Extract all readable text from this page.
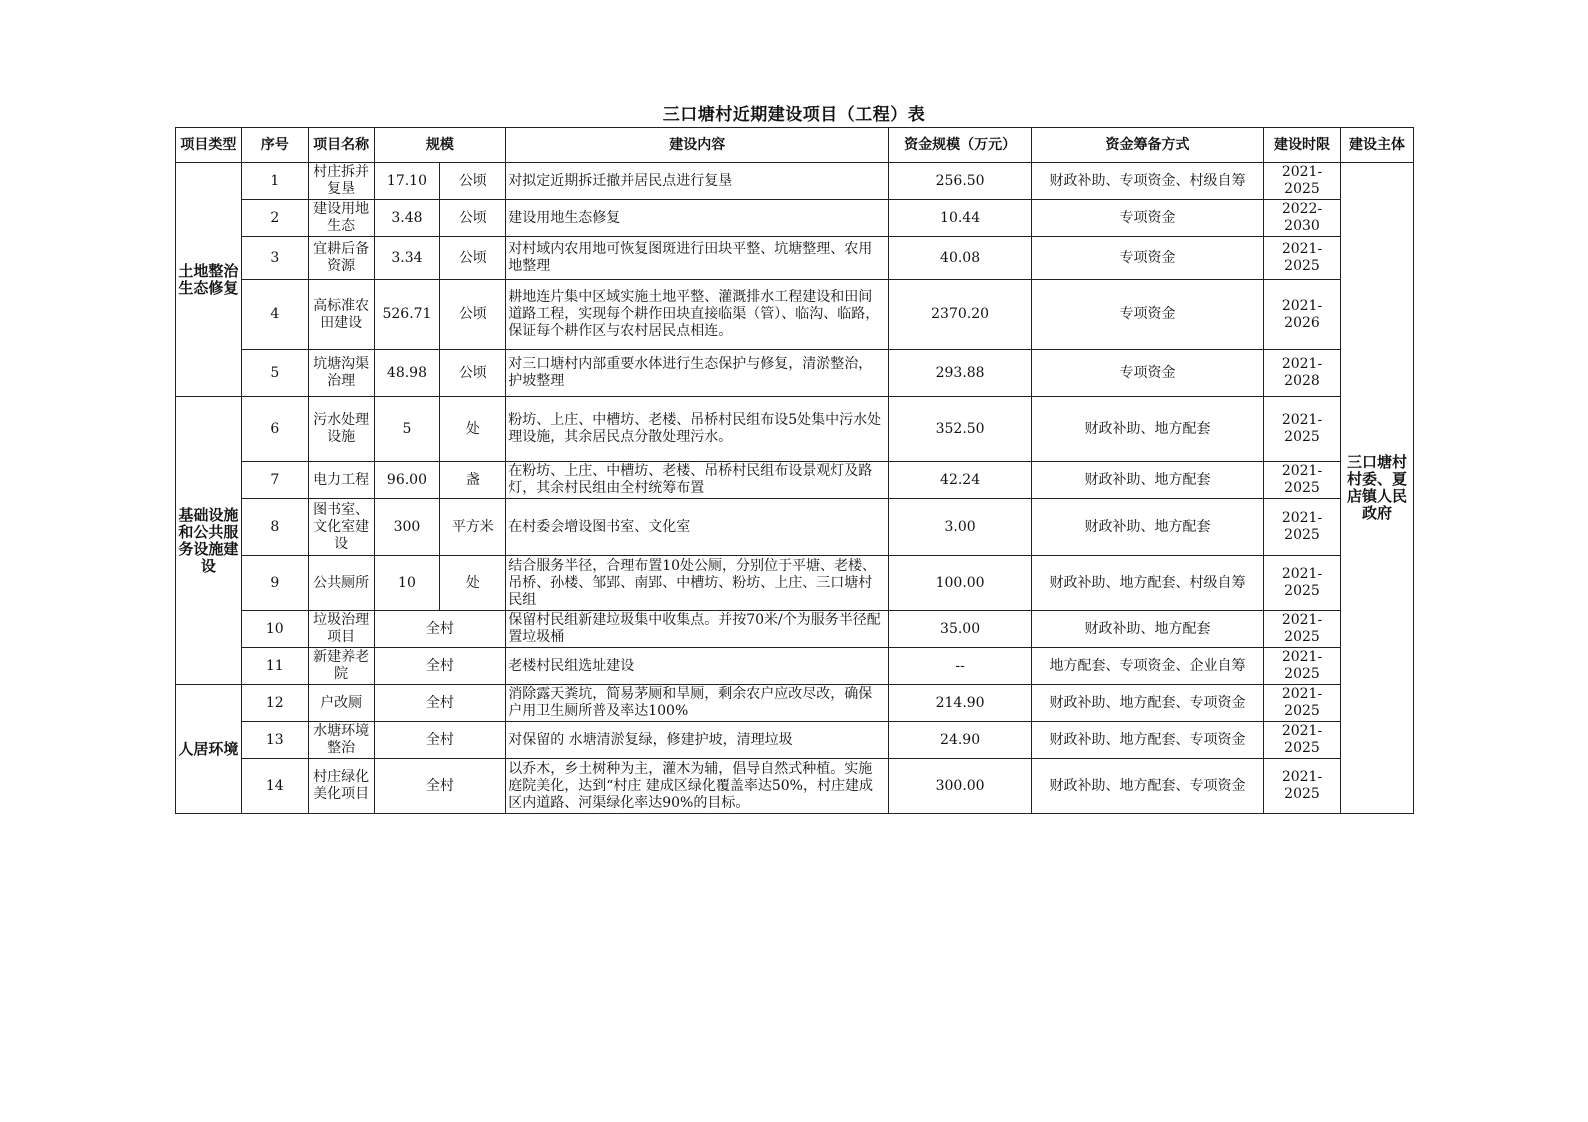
三口塘村近期建设项目（工程）表
项目类型	序号	项目名称	规模		建设内容	资金规模（万元）	资金筹备方式	建设时限	建设主体
土地整治生态修复	1	村庄拆并复垦	17.10	公顷	对拟定近期拆迁撤并居民点进行复垦	256.50	财政补助、专项资金、村级自筹	2021-2025	三口塘村村委、夏店镇人民政府
	2	建设用地生态	3.48	公顷	建设用地生态修复	10.44	专项资金	2022-2030	
	3	宜耕后备资源	3.34	公顷	对村域内农用地可恢复图斑进行田块平整、坑塘整理、农用地整理	40.08	专项资金	2021-2025	
	4	高标准农田建设	526.71	公顷	耕地连片集中区域实施土地平整、灌溉排水工程建设和田间道路工程，实现每个耕作田块直接临渠（管）、临沟、临路，保证每个耕作区与农村居民点相连。	2370.20	专项资金	2021-2026	
	5	坑塘沟渠治理	48.98	公顷	对三口塘村内部重要水体进行生态保护与修复，清淤整治，护坡整理	293.88	专项资金	2021-2028	
基础设施和公共服务设施建设	6	污水处理设施	5	处	粉坊、上庄、中槽坊、老楼、吊桥村民组布设5处集中污水处理设施，其余居民点分散处理污水。	352.50	财政补助、地方配套	2021-2025	
	7	电力工程	96.00	盏	在粉坊、上庄、中槽坊、老楼、吊桥村民组布设景观灯及路灯，其余村民组由全村统筹布置	42.24	财政补助、地方配套	2021-2025	
	8	图书室、文化室建设	300	平方米	在村委会增设图书室、文化室	3.00	财政补助、地方配套	2021-2025	
	9	公共厕所	10	处	结合服务半径，合理布置10处公厕，分别位于平塘、老楼、吊桥、孙楼、邹郢、南郢、中槽坊、粉坊、上庄、三口塘村民组	100.00	财政补助、地方配套、村级自筹	2021-2025	
	10	垃圾治理项目	全村		保留村民组新建垃圾集中收集点。并按70米/个为服务半径配置垃圾桶	35.00	财政补助、地方配套	2021-2025	
	11	新建养老院	全村		老楼村民组选址建设	--	地方配套、专项资金、企业自筹	2021-2025	
人居环境	12	户改厕	全村		消除露天粪坑，简易茅厕和旱厕，剩余农户应改尽改，确保户用卫生厕所普及率达100%	214.90	财政补助、地方配套、专项资金	2021-2025	
	13	水塘环境整治	全村		对保留的 水塘清淤复绿，修建护坡，清理垃圾	24.90	财政补助、地方配套、专项资金	2021-2025	
	14	村庄绿化美化项目	全村		以乔木，乡土树种为主，灌木为辅，倡导自然式种植。实施庭院美化，达到“村庄 建成区绿化覆盖率达50%，村庄建成区内道路、河渠绿化率达90%的目标。	300.00	财政补助、地方配套、专项资金	2021-2025	
